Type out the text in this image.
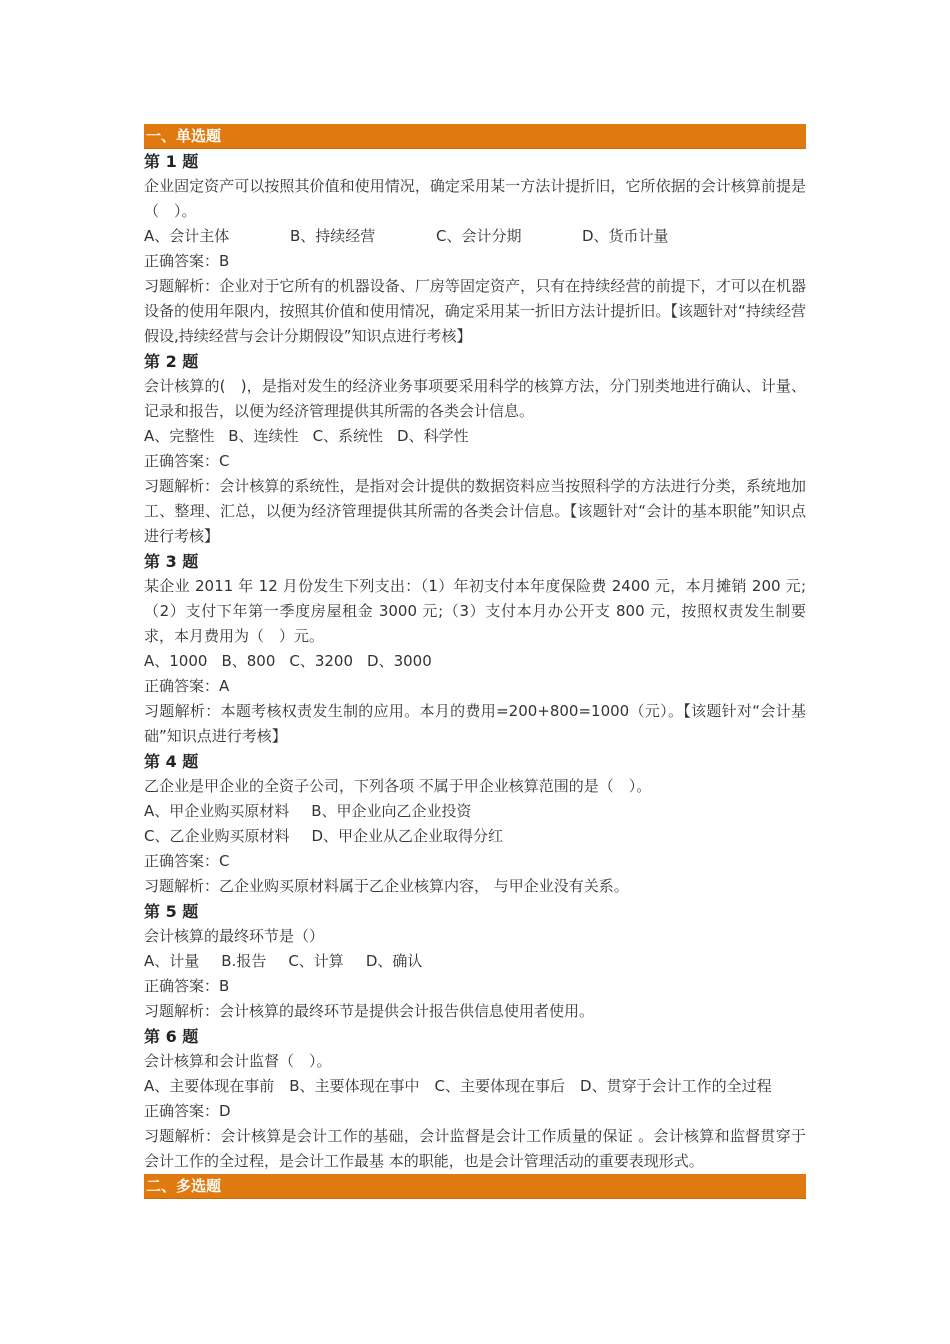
一、单选题
第 1 题
企业固定资产可以按照其价值和使用情况，确定采用某一方法计提折旧，它所依据的会计核算前提是（　）。
A、会计主体	B、持续经营	C、会计分期	D、货币计量
正确答案：B
习题解析：企业对于它所有的机器设备、厂房等固定资产，只有在持续经营的前提下，才可以在机器设备的使用年限内，按照其价值和使用情况，确定采用某一折旧方法计提折旧。【该题针对“持续经营假设,持续经营与会计分期假设”知识点进行考核】
第 2 题
会计核算的(　)，是指对发生的经济业务事项要采用科学的核算方法，分门别类地进行确认、计量、记录和报告，以便为经济管理提供其所需的各类会计信息。
A、完整性 B、连续性 C、系统性 D、科学性
正确答案：C
习题解析：会计核算的系统性，是指对会计提供的数据资料应当按照科学的方法进行分类，系统地加工、整理、汇总，以便为经济管理提供其所需的各类会计信息。【该题针对“会计的基本职能”知识点进行考核】
第 3 题
某企业 2011 年 12 月份发生下列支出：（1）年初支付本年度保险费 2400 元，本月摊销 200 元;（2）支付下年第一季度房屋租金 3000 元;（3）支付本月办公开支 800 元，按照权责发生制要求，本月费用为（　）元。
A、1000 B、800 C、3200 D、3000
正确答案：A
习题解析：本题考核权责发生制的应用。本月的费用=200+800=1000（元）。【该题针对“会计基础”知识点进行考核】
第 4 题
乙企业是甲企业的全资子公司，下列各项 不属于甲企业核算范围的是（　）。
A、甲企业购买原材料 B、甲企业向乙企业投资
C、乙企业购买原材料 D、甲企业从乙企业取得分红
正确答案：C
习题解析：乙企业购买原材料属于乙企业核算内容， 与甲企业没有关系。
第 5 题
会计核算的最终环节是（）
A、计量 B.报告 C、计算 D、确认
正确答案：B
习题解析：会计核算的最终环节是提供会计报告供信息使用者使用。
第 6 题
会计核算和会计监督（　）。
A、主要体现在事前　B、主要体现在事中　C、主要体现在事后　D、贯穿于会计工作的全过程
正确答案：D
习题解析：会计核算是会计工作的基础，会计监督是会计工作质量的保证 。会计核算和监督贯穿于会计工作的全过程，是会计工作最基 本的职能，也是会计管理活动的重要表现形式。
二、多选题
